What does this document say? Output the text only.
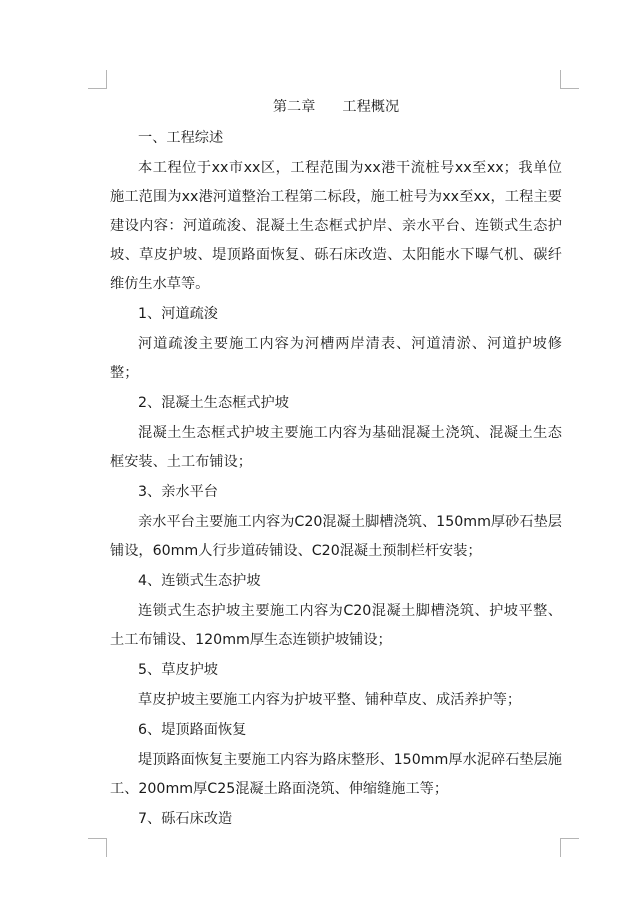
第二章      工程概况

一、工程综述

本工程位于xx市xx区，工程范围为xx港干流桩号xx至xx；我单位施工范围为xx港河道整治工程第二标段，施工桩号为xx至xx，工程主要建设内容：河道疏浚、混凝土生态框式护岸、亲水平台、连锁式生态护坡、草皮护坡、堤顶路面恢复、砾石床改造、太阳能水下曝气机、碳纤维仿生水草等。

1、河道疏浚

河道疏浚主要施工内容为河槽两岸清表、河道清淤、河道护坡修整；

2、混凝土生态框式护坡

混凝土生态框式护坡主要施工内容为基础混凝土浇筑、混凝土生态框安装、土工布铺设；

3、亲水平台

亲水平台主要施工内容为C20混凝土脚槽浇筑、150mm厚砂石垫层铺设，60mm人行步道砖铺设、C20混凝土预制栏杆安装；

4、连锁式生态护坡

连锁式生态护坡主要施工内容为C20混凝土脚槽浇筑、护坡平整、土工布铺设、120mm厚生态连锁护坡铺设；

5、草皮护坡

草皮护坡主要施工内容为护坡平整、铺种草皮、成活养护等；

6、堤顶路面恢复

堤顶路面恢复主要施工内容为路床整形、150mm厚水泥碎石垫层施工、200mm厚C25混凝土路面浇筑、伸缩缝施工等；

7、砾石床改造
